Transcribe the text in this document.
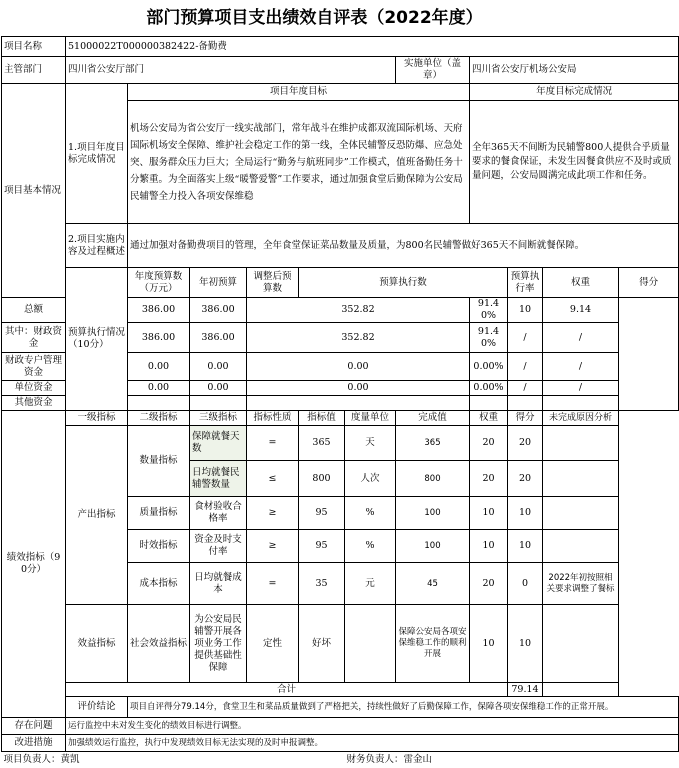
部门预算项目支出绩效自评表（2022年度）
项目名称	51000022T000000382422-备勤费											
主管部门	四川省公安厅部门						实施单位（盖章）	四川省公安厅机场公安局				
项目基本情况	1.项目年度目标完成情况	项目年度目标						年度目标完成情况				
		机场公安局为省公安厅一线实战部门，常年战斗在维护成都双流国际机场、天府国际机场安全保障、维护社会稳定工作的第一线，全体民辅警反恐防爆、应急处突、服务群众压力巨大；全局运行“勤务与航班同步”工作模式，值班备勤任务十分繁重。为全面落实上级“暖警爱警”工作要求，通过加强食堂后勤保障为公安局民辅警全力投入各项安保维稳						全年365天不间断为民辅警800人提供合乎质量要求的餐食保证，未发生因餐食供应不及时或质量问题，公安局圆满完成此项工作和任务。				
	2.项目实施内容及过程概述	通过加强对备勤费项目的管理，全年食堂保证菜品数量及质量，为800名民辅警做好365天不间断就餐保障。										
	预算执行情况（10分）	年度预算数（万元）	年初预算	调整后预算数	预算执行数				预算执行率	权重	得分	
总额		386.00	386.00	352.82				91.40%	10	9.14		
其中：财政资金		386.00	386.00	352.82				91.40%	/	/		
财政专户管理资金		0.00	0.00	0.00				0.00%	/	/		
单位资金		0.00	0.00	0.00				0.00%	/	/		
其他资金												
绩效指标（90分）	一级指标	二级指标	三级指标	指标性质	指标值	度量单位	完成值	权重	得分	未完成原因分析		
	产出指标	数量指标	保障就餐天数	=	365	天	365	20	20			
			日均就餐民辅警数量	≤	800	人次	800	20	20			
		质量指标	食材验收合格率	≥	95	%	100	10	10			
		时效指标	资金及时支付率	≥	95	%	100	10	10			
		成本指标	日均就餐成本	=	35	元	45	20	0	2022年初按照相关要求调整了餐标		
	效益指标	社会效益指标	为公安局民辅警开展各项业务工作提供基础性保障	定性	好坏		保障公安局各项安保维稳工作的顺利开展	10	10			
	合计								79.14			
	评价结论	项目自评得分79.14分，食堂卫生和菜品质量做到了严格把关，持续性做好了后勤保障工作，保障各项安保维稳工作的正常开展。										
存在问题	运行监控中未对发生变化的绩效目标进行调整。											
改进措施	加强绩效运行监控，执行中发现绩效目标无法实现的及时申报调整。											
项目负责人：黄凯						财务负责人：雷金山						
